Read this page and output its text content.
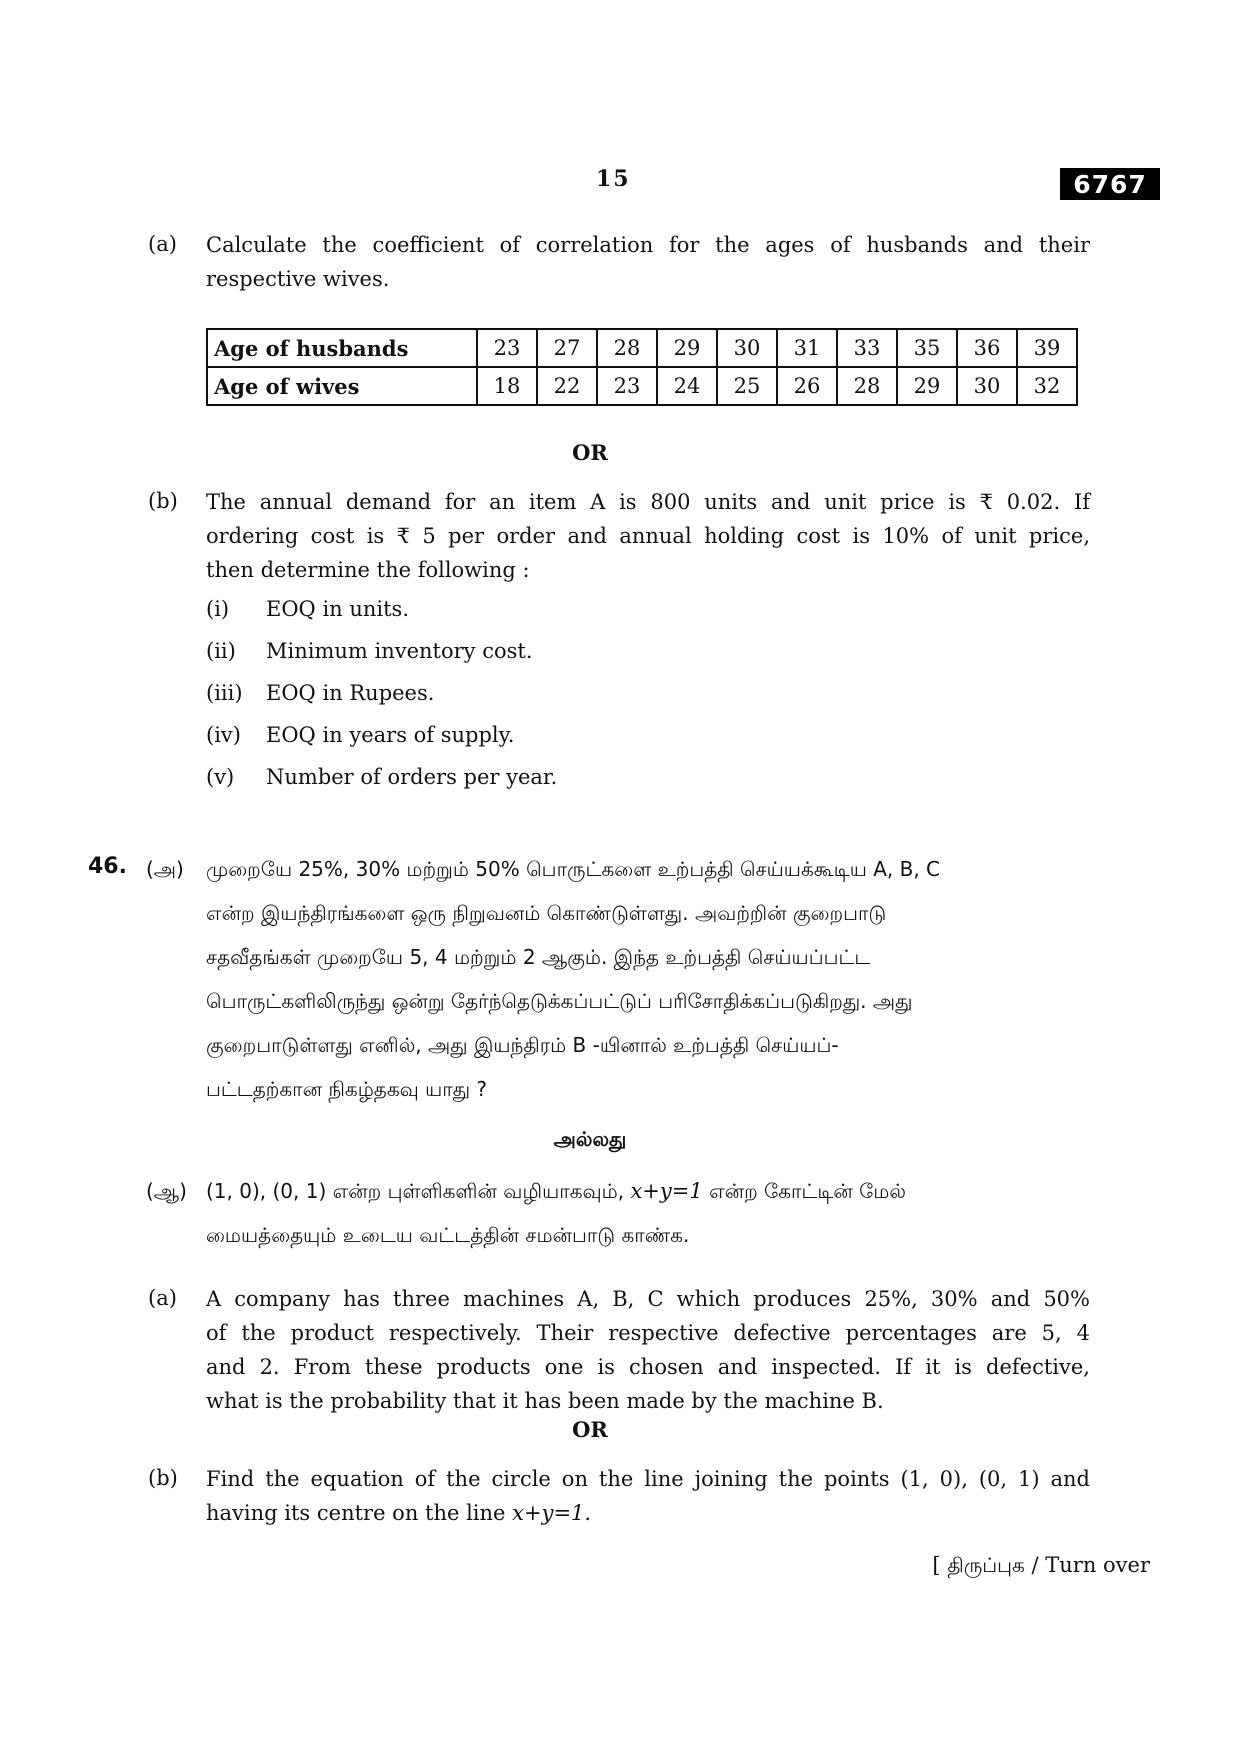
15	6767
(a) Calculate the coefficient of correlation for the ages of husbands and their
respective wives.
Age of husbands	23	27	28	29	30	31	33	35	36	39
Age of wives	18	22	23	24	25	26	28	29	30	32
OR
(b) The annual demand for an item A is 800 units and unit price is ₹ 0.02. If
ordering cost is ₹ 5 per order and annual holding cost is 10% of unit price,
then determine the following :
(i) EOQ in units.
(ii) Minimum inventory cost.
(iii) EOQ in Rupees.
(iv) EOQ in years of supply.
(v) Number of orders per year.
46. (அ) முறையே 25%, 30% மற்றும் 50% பொருட்களை உற்பத்தி செய்யக்கூடிய A, B, C
என்ற இயந்திரங்களை ஒரு நிறுவனம் கொண்டுள்ளது. அவற்றின் குறைபாடு
சதவீதங்கள் முறையே 5, 4 மற்றும் 2 ஆகும். இந்த உற்பத்தி செய்யப்பட்ட
பொருட்களிலிருந்து ஒன்று தேர்ந்தெடுக்கப்பட்டுப் பரிசோதிக்கப்படுகிறது. அது
குறைபாடுள்ளது எனில், அது இயந்திரம் B -யினால் உற்பத்தி செய்யப்-
பட்டதற்கான நிகழ்தகவு யாது ?
அல்லது
(ஆ) (1, 0), (0, 1) என்ற புள்ளிகளின் வழியாகவும், x+y=1 என்ற கோட்டின் மேல்
மையத்தையும் உடைய வட்டத்தின் சமன்பாடு காண்க.
(a) A company has three machines A, B, C which produces 25%, 30% and 50%
of the product respectively. Their respective defective percentages are 5, 4
and 2. From these products one is chosen and inspected. If it is defective,
what is the probability that it has been made by the machine B.
OR
(b) Find the equation of the circle on the line joining the points (1, 0), (0, 1) and
having its centre on the line x+y=1.
[ திருப்புக / Turn over
